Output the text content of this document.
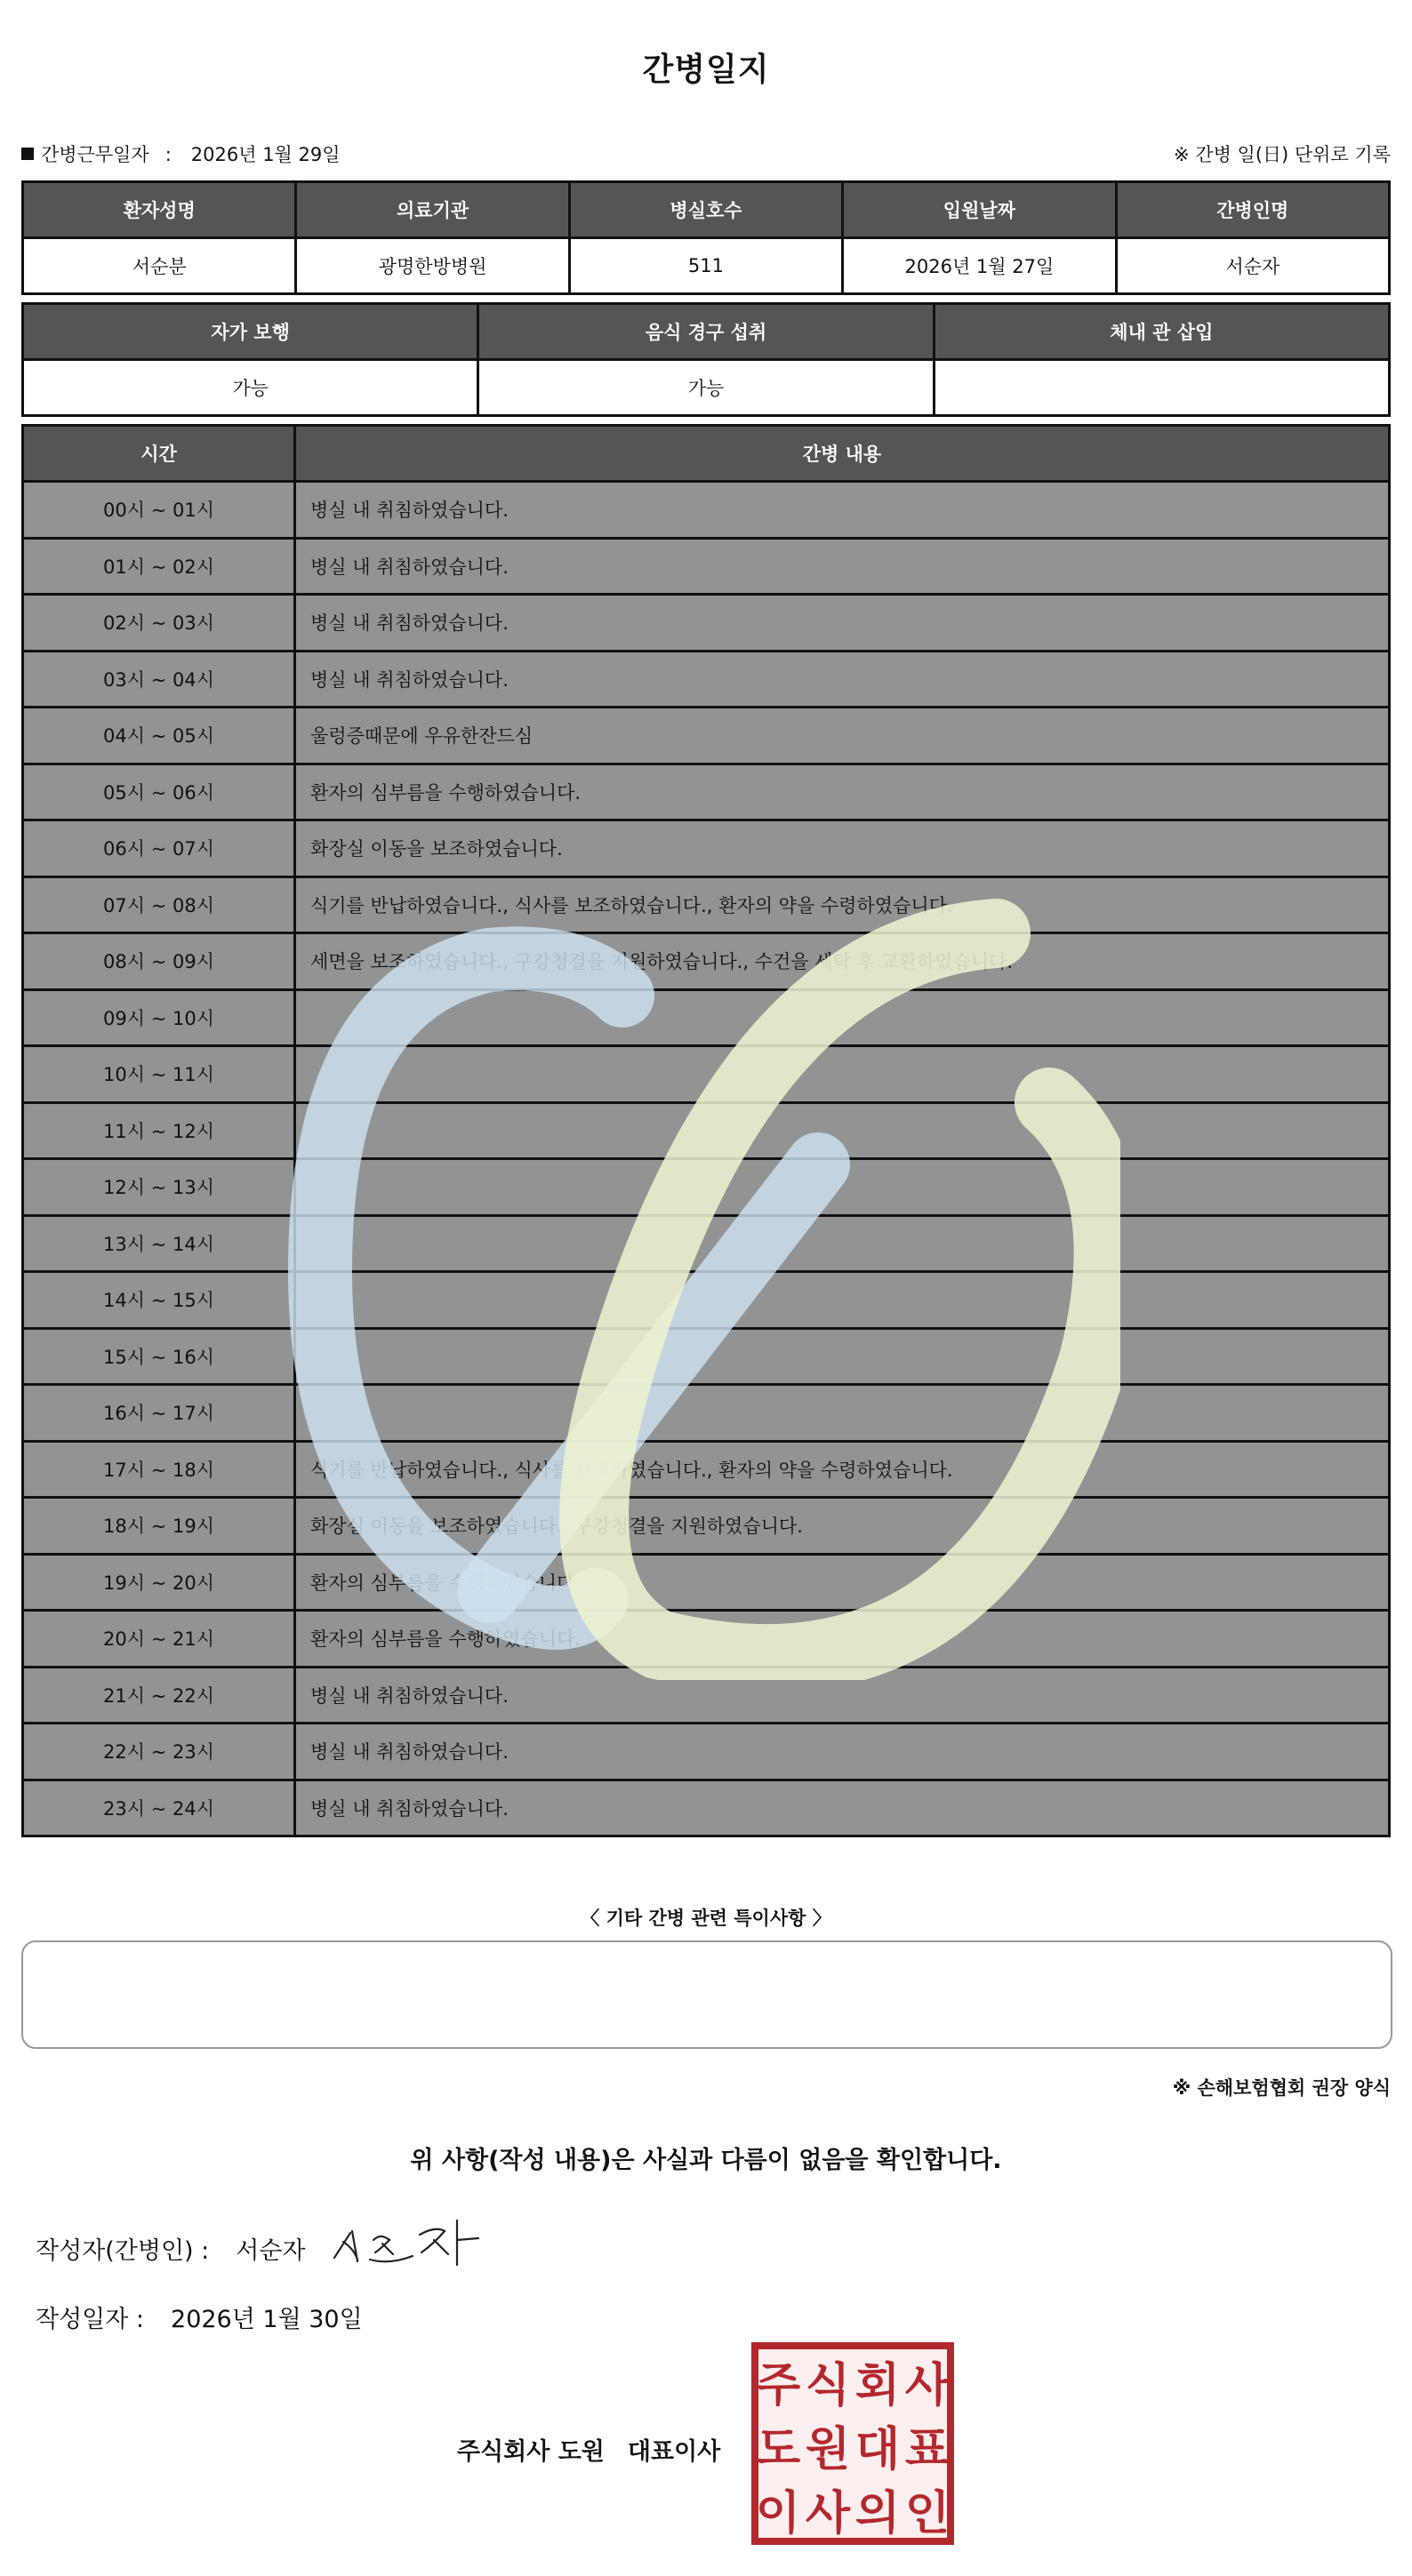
간병일지
간병근무일자 : 2026년 1월 29일	※ 간병 일(日) 단위로 기록
환자성명	의료기관	병실호수	입원날짜	간병인명
서순분	광명한방병원	511	2026년 1월 27일	서순자
자가 보행	음식 경구 섭취	체내 관 삽입
가능	가능	
시간	간병 내용
00시 ~ 01시	병실 내 취침하였습니다.
01시 ~ 02시	병실 내 취침하였습니다.
02시 ~ 03시	병실 내 취침하였습니다.
03시 ~ 04시	병실 내 취침하였습니다.
04시 ~ 05시	울렁증때문에 우유한잔드심
05시 ~ 06시	환자의 심부름을 수행하였습니다.
06시 ~ 07시	화장실 이동을 보조하였습니다.
07시 ~ 08시	식기를 반납하였습니다., 식사를 보조하였습니다., 환자의 약을 수령하였습니다.
08시 ~ 09시	세면을 보조하였습니다., 구강청결을 지원하였습니다., 수건을 세탁 후 교환하였습니다.
09시 ~ 10시	
10시 ~ 11시	
11시 ~ 12시	
12시 ~ 13시	
13시 ~ 14시	
14시 ~ 15시	
15시 ~ 16시	
16시 ~ 17시	
17시 ~ 18시	식기를 반납하였습니다., 식사를 보조하였습니다., 환자의 약을 수령하였습니다.
18시 ~ 19시	화장실 이동을 보조하였습니다., 구강청결을 지원하였습니다.
19시 ~ 20시	환자의 심부름을 수행하였습니다.
20시 ~ 21시	환자의 심부름을 수행하였습니다.
21시 ~ 22시	병실 내 취침하였습니다.
22시 ~ 23시	병실 내 취침하였습니다.
23시 ~ 24시	병실 내 취침하였습니다.
〈 기타 간병 관련 특이사항 〉
※ 손해보험협회 권장 양식
위 사항(작성 내용)은 사실과 다름이 없음을 확인합니다.
작성자(간병인) : 서순자
작성일자 : 2026년 1월 30일
주식회사 도원 대표이사
주 식 회 사
도 원 대 표
이 사 의 인
